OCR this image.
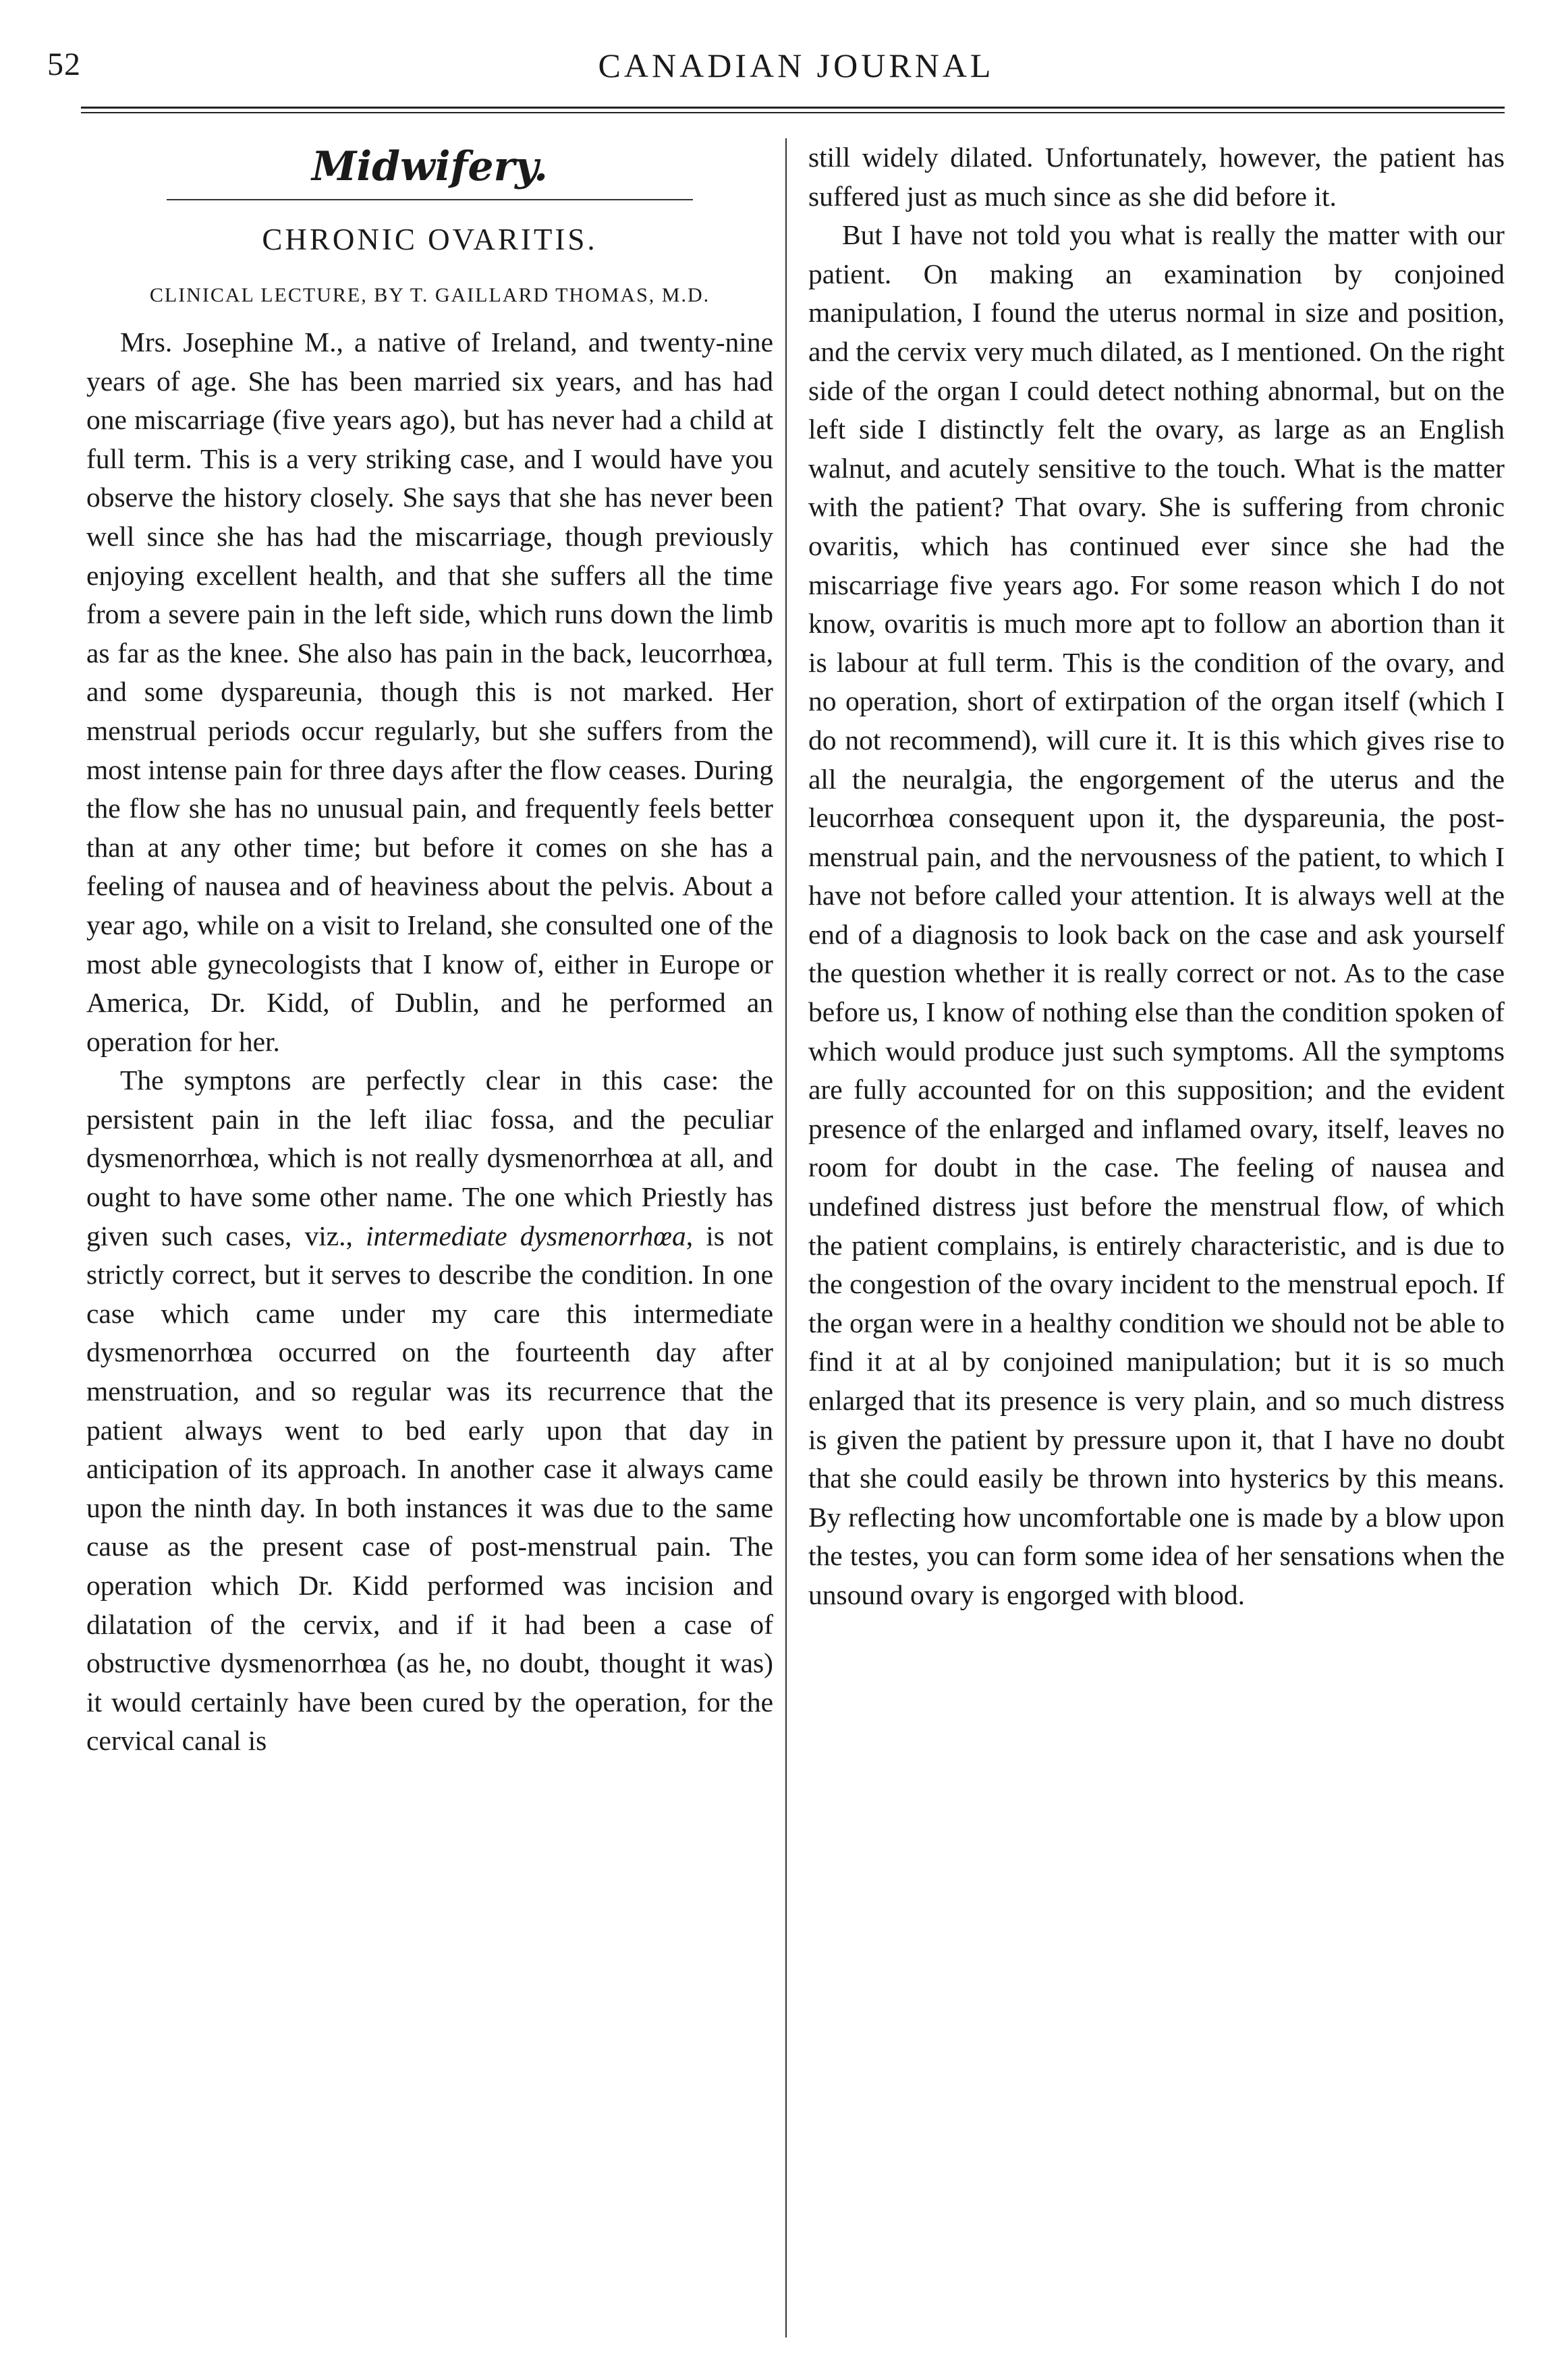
52	CANADIAN JOURNAL
Midwifery.
CHRONIC OVARITIS.
CLINICAL LECTURE, BY T. GAILLARD THOMAS, M.D.

Mrs. Josephine M., a native of Ireland, and twenty-nine years of age. She has been married six years, and has had one miscarriage (five years ago), but has never had a child at full term. This is a very striking case, and I would have you observe the history closely. She says that she has never been well since she has had the miscarriage, though previously enjoying excellent health, and that she suffers all the time from a severe pain in the left side, which runs down the limb as far as the knee. She also has pain in the back, leucorrhœa, and some dyspareunia, though this is not marked. Her menstrual periods occur regularly, but she suffers from the most intense pain for three days after the flow ceases. During the flow she has no unusual pain, and frequently feels better than at any other time; but before it comes on she has a feeling of nausea and of heaviness about the pelvis. About a year ago, while on a visit to Ireland, she consulted one of the most able gynecologists that I know of, either in Europe or America, Dr. Kidd, of Dublin, and he performed an operation for her.

The symptons are perfectly clear in this case: the persistent pain in the left iliac fossa, and the peculiar dysmenorrhœa, which is not really dysmenorrhœa at all, and ought to have some other name. The one which Priestly has given such cases, viz., intermediate dysmenorrhœa, is not strictly correct, but it serves to describe the condition. In one case which came under my care this intermediate dysmenorrhœa occurred on the fourteenth day after menstruation, and so regular was its recurrence that the patient always went to bed early upon that day in anticipation of its approach. In another case it always came upon the ninth day. In both instances it was due to the same cause as the present case of post-menstrual pain. The operation which Dr. Kidd performed was incision and dilatation of the cervix, and if it had been a case of obstructive dysmenorrhœa (as he, no doubt, thought it was) it would certainly have been cured by the operation, for the cervical canal is

still widely dilated. Unfortunately, however, the patient has suffered just as much since as she did before it.

But I have not told you what is really the matter with our patient. On making an examination by conjoined manipulation, I found the uterus normal in size and position, and the cervix very much dilated, as I mentioned. On the right side of the organ I could detect nothing abnormal, but on the left side I distinctly felt the ovary, as large as an English walnut, and acutely sensitive to the touch. What is the matter with the patient? That ovary. She is suffering from chronic ovaritis, which has continued ever since she had the miscarriage five years ago. For some reason which I do not know, ovaritis is much more apt to follow an abortion than it is labour at full term. This is the condition of the ovary, and no operation, short of extirpation of the organ itself (which I do not recommend), will cure it. It is this which gives rise to all the neuralgia, the engorgement of the uterus and the leucorrhœa consequent upon it, the dyspareunia, the post-menstrual pain, and the nervousness of the patient, to which I have not before called your attention. It is always well at the end of a diagnosis to look back on the case and ask yourself the question whether it is really correct or not. As to the case before us, I know of nothing else than the condition spoken of which would produce just such symptoms. All the symptoms are fully accounted for on this supposition; and the evident presence of the enlarged and inflamed ovary, itself, leaves no room for doubt in the case. The feeling of nausea and undefined distress just before the menstrual flow, of which the patient complains, is entirely characteristic, and is due to the congestion of the ovary incident to the menstrual epoch. If the organ were in a healthy condition we should not be able to find it at al by conjoined manipulation; but it is so much enlarged that its presence is very plain, and so much distress is given the patient by pressure upon it, that I have no doubt that she could easily be thrown into hysterics by this means. By reflecting how uncomfortable one is made by a blow upon the testes, you can form some idea of her sensations when the unsound ovary is engorged with blood.
